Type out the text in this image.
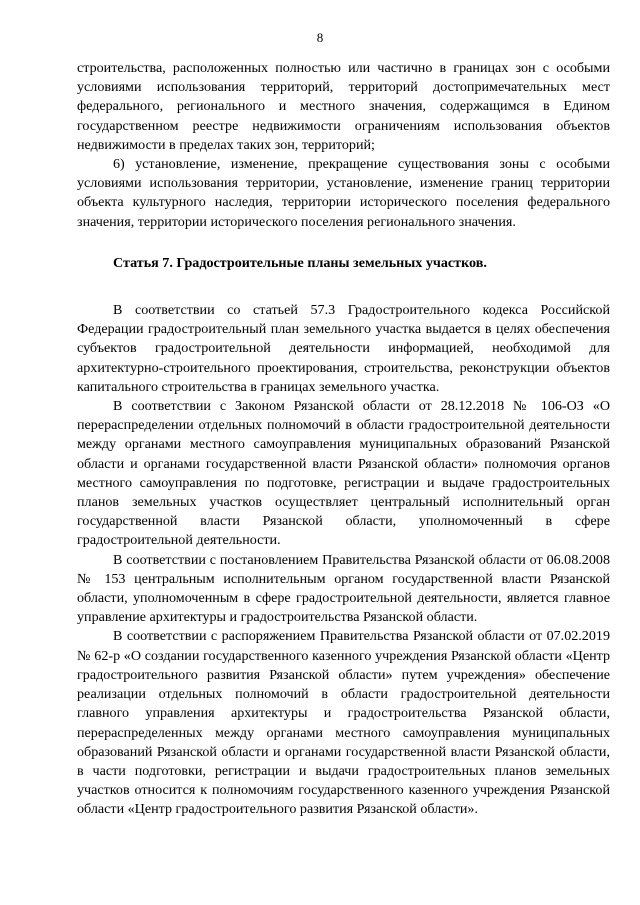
8

строительства, расположенных полностью или частично в границах зон с особыми условиями использования территорий, территорий достопримечательных мест федерального, регионального и местного значения, содержащимся в Едином государственном реестре недвижимости ограничениям использования объектов недвижимости в пределах таких зон, территорий;

6) установление, изменение, прекращение существования зоны с особыми условиями использования территории, установление, изменение границ территории объекта культурного наследия, территории исторического поселения федерального значения, территории исторического поселения регионального значения.

Статья 7. Градостроительные планы земельных участков.

В соответствии со статьей 57.3 Градостроительного кодекса Российской Федерации градостроительный план земельного участка выдается в целях обеспечения субъектов градостроительной деятельности информацией, необходимой для архитектурно-строительного проектирования, строительства, реконструкции объектов капитального строительства в границах земельного участка.

В соответствии с Законом Рязанской области от 28.12.2018 № 106-ОЗ «О перераспределении отдельных полномочий в области градостроительной деятельности между органами местного самоуправления муниципальных образований Рязанской области и органами государственной власти Рязанской области» полномочия органов местного самоуправления по подготовке, регистрации и выдаче градостроительных планов земельных участков осуществляет центральный исполнительный орган государственной власти Рязанской области, уполномоченный в сфере градостроительной деятельности.

В соответствии с постановлением Правительства Рязанской области от 06.08.2008 № 153 центральным исполнительным органом государственной власти Рязанской области, уполномоченным в сфере градостроительной деятельности, является главное управление архитектуры и градостроительства Рязанской области.

В соответствии с распоряжением Правительства Рязанской области от 07.02.2019 № 62-р «О создании государственного казенного учреждения Рязанской области «Центр градостроительного развития Рязанской области» путем учреждения» обеспечение реализации отдельных полномочий в области градостроительной деятельности главного управления архитектуры и градостроительства Рязанской области, перераспределенных между органами местного самоуправления муниципальных образований Рязанской области и органами государственной власти Рязанской области, в части подготовки, регистрации и выдачи градостроительных планов земельных участков относится к полномочиям государственного казенного учреждения Рязанской области «Центр градостроительного развития Рязанской области».
